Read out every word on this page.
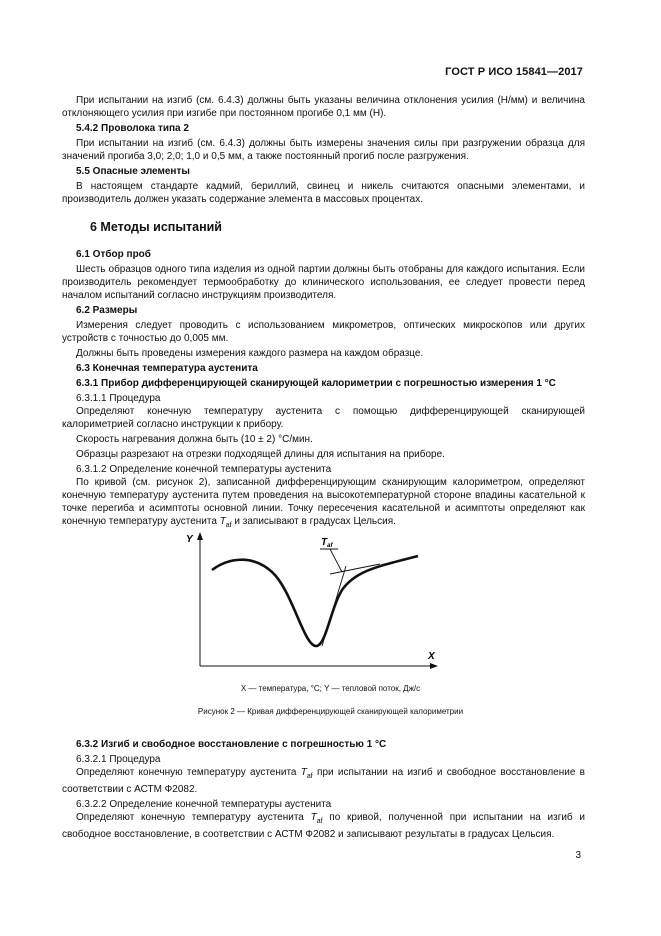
ГОСТ Р ИСО 15841—2017

При испытании на изгиб (см. 6.4.3) должны быть указаны величина отклонения усилия (Н/мм) и величина отклоняющего усилия при изгибе при постоянном прогибе 0,1 мм (Н).

5.4.2 Проволока типа 2

При испытании на изгиб (см. 6.4.3) должны быть измерены значения силы при разгружении образца для значений прогиба 3,0; 2,0; 1,0 и 0,5 мм, а также постоянный прогиб после разгружения.

5.5 Опасные элементы

В настоящем стандарте кадмий, бериллий, свинец и никель считаются опасными элементами, и производитель должен указать содержание элемента в массовых процентах.

6 Методы испытаний
6.1 Отбор проб

Шесть образцов одного типа изделия из одной партии должны быть отобраны для каждого испытания. Если производитель рекомендует термообработку до клинического использования, ее следует провести перед началом испытаний согласно инструкциям производителя.

6.2 Размеры

Измерения следует проводить с использованием микрометров, оптических микроскопов или других устройств с точностью до 0,005 мм.

Должны быть проведены измерения каждого размера на каждом образце.

6.3 Конечная температура аустенита
6.3.1 Прибор дифференцирующей сканирующей калориметрии с погрешностью измерения 1 °С
6.3.1.1 Процедура

Определяют конечную температуру аустенита с помощью дифференцирующей сканирующей калориметрией согласно инструкции к прибору.

Скорость нагревания должна быть (10 ± 2) °С/мин.

Образцы разрезают на отрезки подходящей длины для испытания на приборе.

6.3.1.2 Определение конечной температуры аустенита

По кривой (см. рисунок 2), записанной дифференцирующим сканирующим калориметром, определяют конечную температуру аустенита путем проведения на высокотемпературной стороне впадины касательной к точке перегиба и асимптоты основной линии. Точку пересечения касательной и асимптоты определяют как конечную температуру аустенита $T_{af}$ и записывают в градусах Цельсия.

Y
X
$T_{af}$
X — температура, °С; Y — тепловой поток, Дж/с
Рисунок 2 — Кривая дифференцирующей сканирующей калориметрии
6.3.2 Изгиб и свободное восстановление с погрешностью 1 °С
6.3.2.1 Процедура

Определяют конечную температуру аустенита $T_{af}$ при испытании на изгиб и свободное восстановление в соответствии с АСТМ Ф2082.

6.3.2.2 Определение конечной температуры аустенита

Определяют конечную температуру аустенита $T_{af}$ по кривой, полученной при испытании на изгиб и свободное восстановление, в соответствии с АСТМ Ф2082 и записывают результаты в градусах Цельсия.

3
